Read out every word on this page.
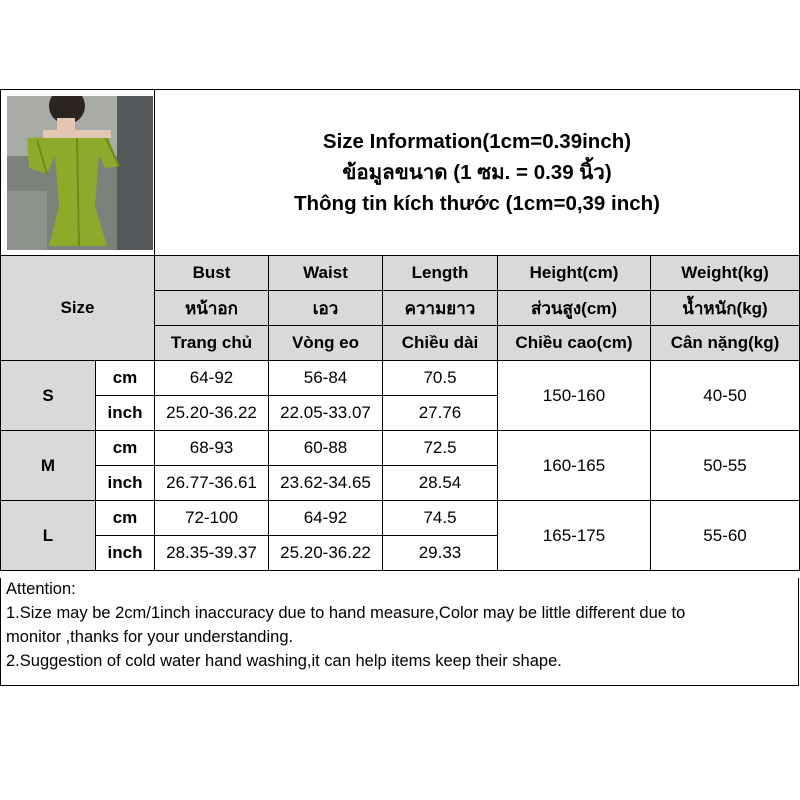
Size Information(1cm=0.39inch)
ข้อมูลขนาด (1 ซม. = 0.39 นิ้ว)
Thông tin kích thước (1cm=0,39 inch)				

Size		Bust	Waist	Length	Height(cm)	Weight(kg)
		หน้าอก	เอว	ความยาว	ส่วนสูง(cm)	น้ำหนัก(kg)
		Trang chủ	Vòng eo	Chiều dài	Chiều cao(cm)	Cân nặng(kg)
S	cm	64-92	56-84	70.5	150-160	40-50
	inch	25.20-36.22	22.05-33.07	27.76		
M	cm	68-93	60-88	72.5	160-165	50-55
	inch	26.77-36.61	23.62-34.65	28.54		
L	cm	72-100	64-92	74.5	165-175	55-60
	inch	28.35-39.37	25.20-36.22	29.33		

Attention:

1.Size may be 2cm/1inch inaccuracy due to hand measure,Color may be little different due to

monitor ,thanks for your understanding.

2.Suggestion of cold water hand washing,it can help items keep their shape.
